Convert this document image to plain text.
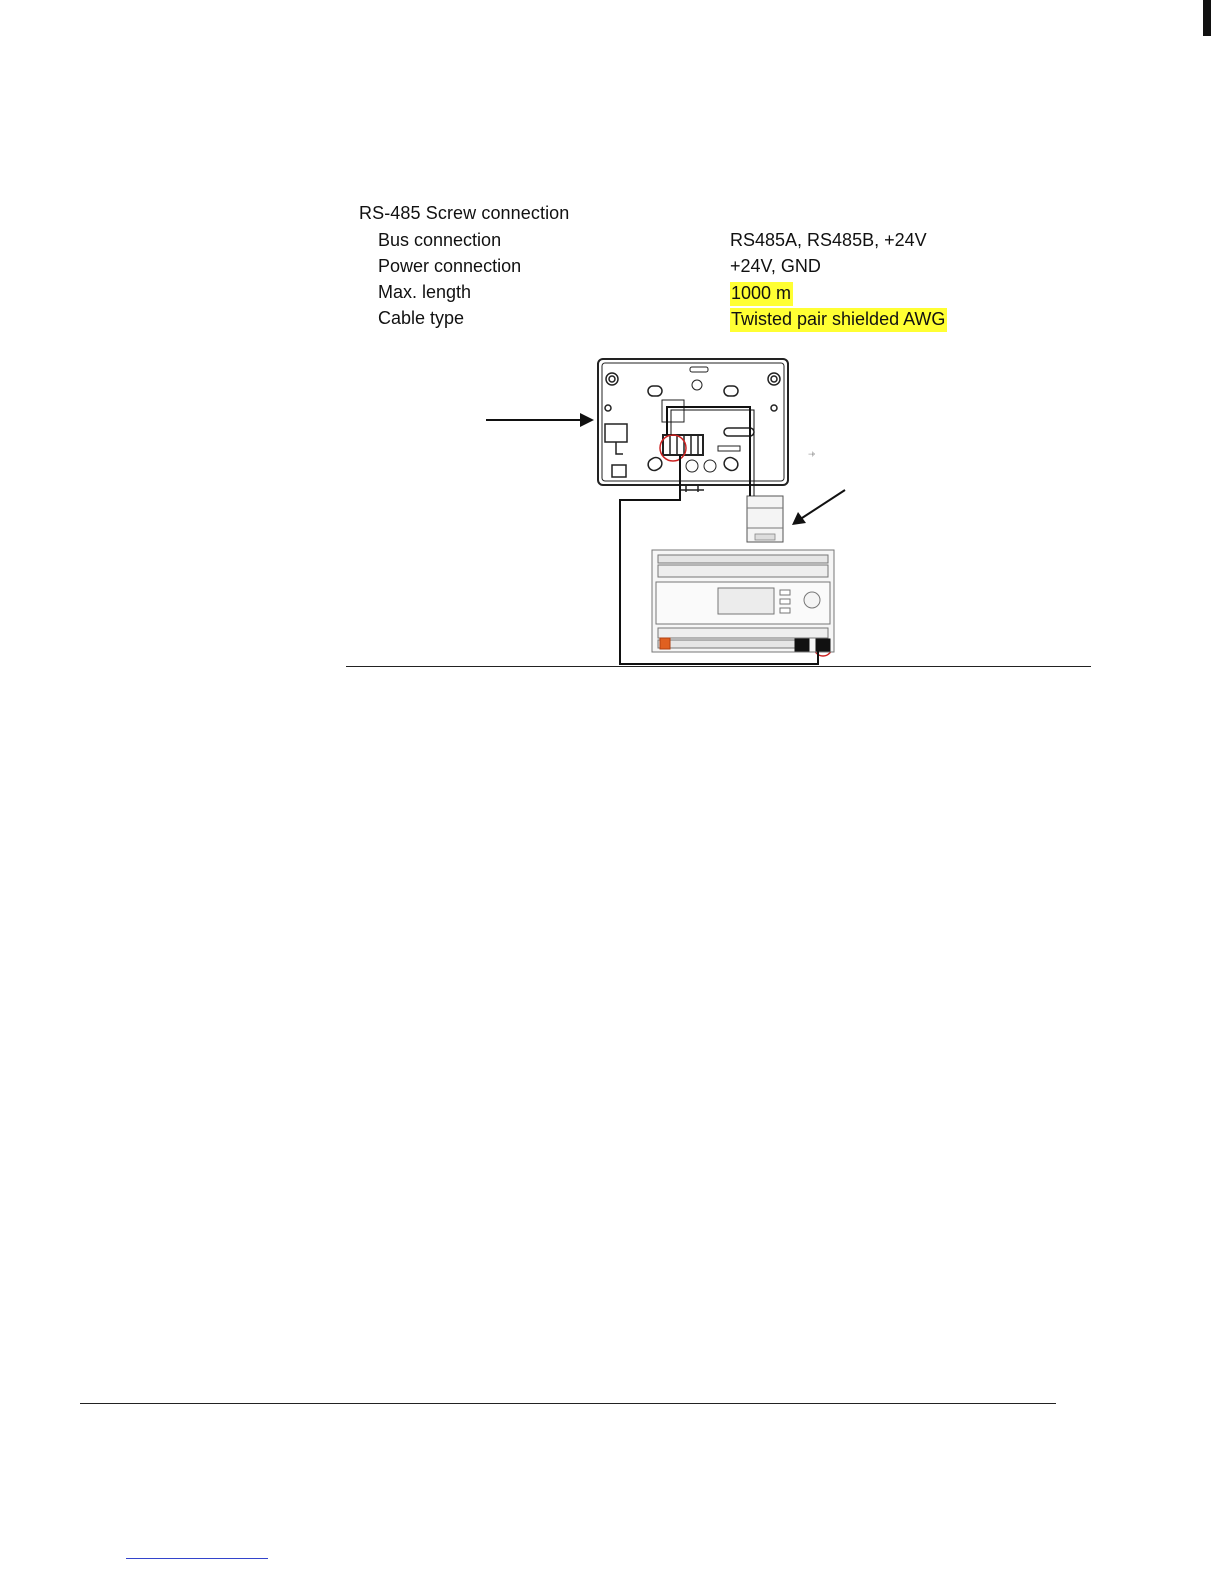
RS-485 Screw connection
Bus connection	RS485A, RS485B, +24V
Power connection	+24V, GND
Max. length	1000 m
Cable type	Twisted pair shielded AWG
⏚
